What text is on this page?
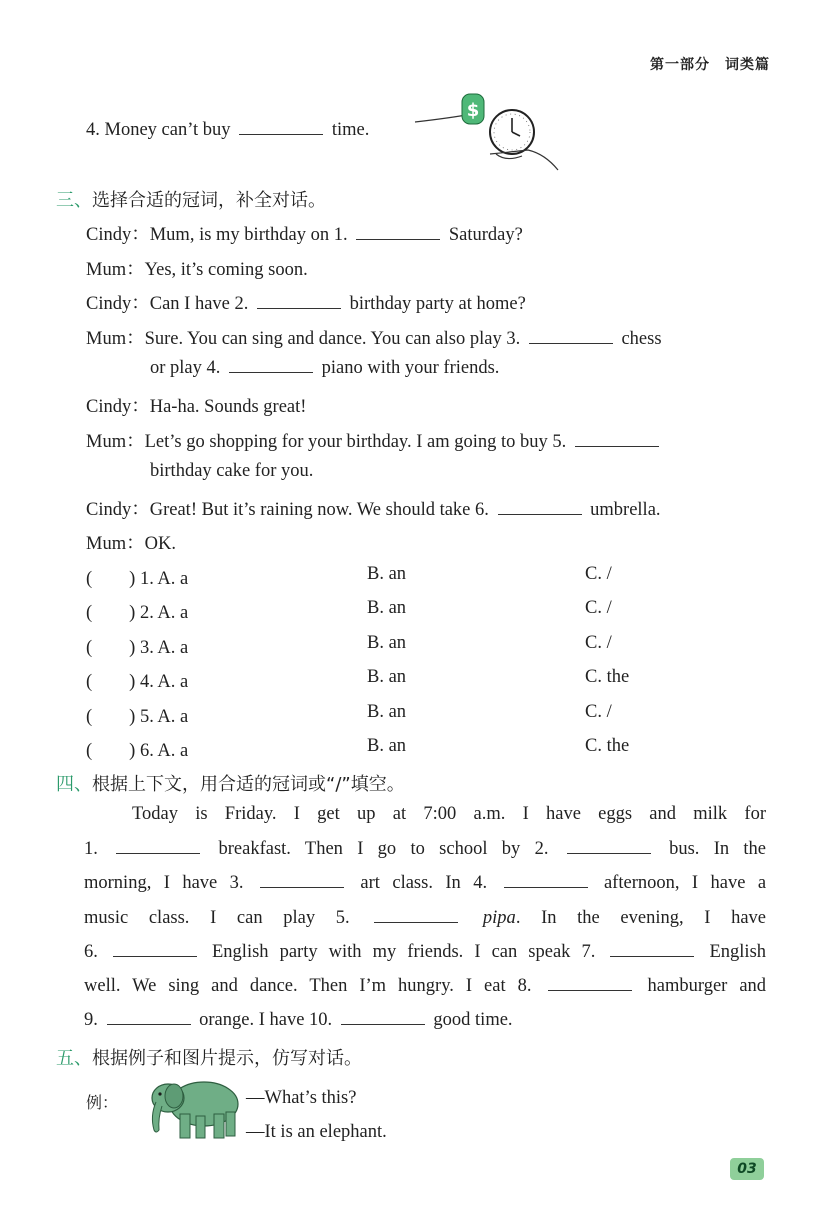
第一部分　词类篇
4. Money can’t buy	time.
$
三、选择合适的冠词，补全对话。
Cindy：Mum, is my birthday on 1.	Saturday?
Mum：Yes, it’s coming soon.
Cindy：Can I have 2.	birthday party at home?
Mum：Sure. You can sing and dance. You can also play 3.	chess
or play 4.	piano with your friends.
Cindy：Ha-ha. Sounds great!
Mum：Let’s go shopping for your birthday. I am going to buy 5.
birthday cake for you.
Cindy：Great! But it’s raining now. We should take 6.	umbrella.
Mum：OK.
(　　) 1. A. a	B. an	C. /
(　　) 2. A. a	B. an	C. /
(　　) 3. A. a	B. an	C. /
(　　) 4. A. a	B. an	C. the
(　　) 5. A. a	B. an	C. /
(　　) 6. A. a	B. an	C. the
四、根据上下文，用合适的冠词或“/”填空。
Today is Friday. I get up at 7:00 a.m. I have eggs and milk for
1.	breakfast. Then I go to school by 2.	bus. In the
morning, I have 3.	art class. In 4.	afternoon, I have a
music class. I can play 5.	pipa. In the evening, I have
6.	English party with my friends. I can speak 7.	English
well. We sing and dance. Then I’m hungry. I eat 8.	hamburger and
9.	orange. I have 10.	good time.
五、根据例子和图片提示，仿写对话。
例：	—What’s this?
—It is an elephant.
03
